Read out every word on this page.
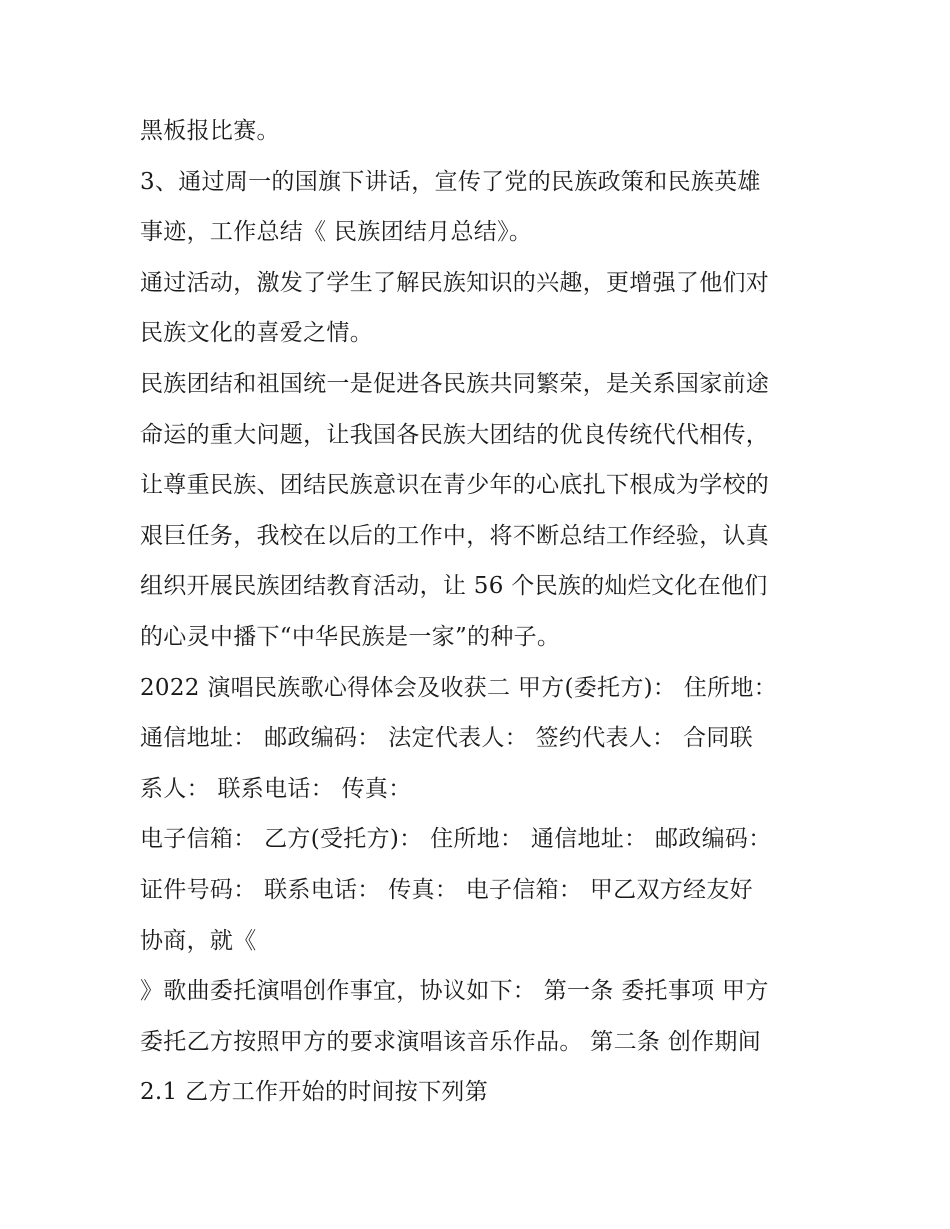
黑板报比赛。
3、通过周一的国旗下讲话，宣传了党的民族政策和民族英雄
事迹，工作总结《 民族团结月总结》。
通过活动，激发了学生了解民族知识的兴趣，更增强了他们对
民族文化的喜爱之情。
民族团结和祖国统一是促进各民族共同繁荣，是关系国家前途
命运的重大问题，让我国各民族大团结的优良传统代代相传，
让尊重民族、团结民族意识在青少年的心底扎下根成为学校的
艰巨任务，我校在以后的工作中，将不断总结工作经验，认真
组织开展民族团结教育活动，让 56 个民族的灿烂文化在他们
的心灵中播下“中华民族是一家”的种子。
2022 演唱民族歌心得体会及收获二 甲方(委托方)： 住所地：
通信地址： 邮政编码： 法定代表人： 签约代表人： 合同联
系人： 联系电话： 传真：
电子信箱： 乙方(受托方)： 住所地： 通信地址： 邮政编码：
证件号码： 联系电话： 传真： 电子信箱： 甲乙双方经友好
协商，就《
》歌曲委托演唱创作事宜，协议如下： 第一条 委托事项 甲方
委托乙方按照甲方的要求演唱该音乐作品。 第二条 创作期间
2.1 乙方工作开始的时间按下列第
